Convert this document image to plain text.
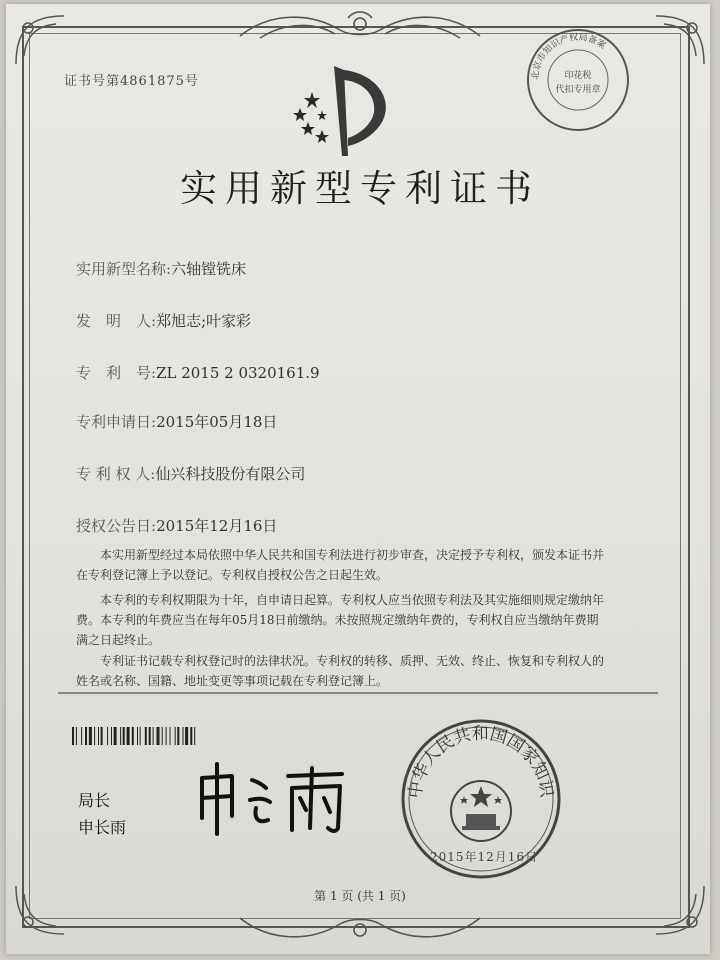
证书号第4861875号	北京市知识产权局备案
印花税
代扣专用章
实用新型专利证书
实用新型名称:六轴镗铣床
发　明　人:郑旭志;叶家彩
专　利　号:ZL 2015 2 0320161.9
专利申请日:2015年05月18日
专 利 权 人:仙兴科技股份有限公司
授权公告日:2015年12月16日
本实用新型经过本局依照中华人民共和国专利法进行初步审查，决定授予专利权，颁发本证书并在专利登记簿上予以登记。专利权自授权公告之日起生效。
本专利的专利权期限为十年，自申请日起算。专利权人应当依照专利法及其实施细则规定缴纳年费。本专利的年费应当在每年05月18日前缴纳。未按照规定缴纳年费的，专利权自应当缴纳年费期满之日起终止。
专利证书记载专利权登记时的法律状况。专利权的转移、质押、无效、终止、恢复和专利权人的姓名或名称、国籍、地址变更等事项记载在专利登记簿上。
局长
申长雨
中华人民共和国国家知识
2015年12月16日
第 1 页 (共 1 页)
